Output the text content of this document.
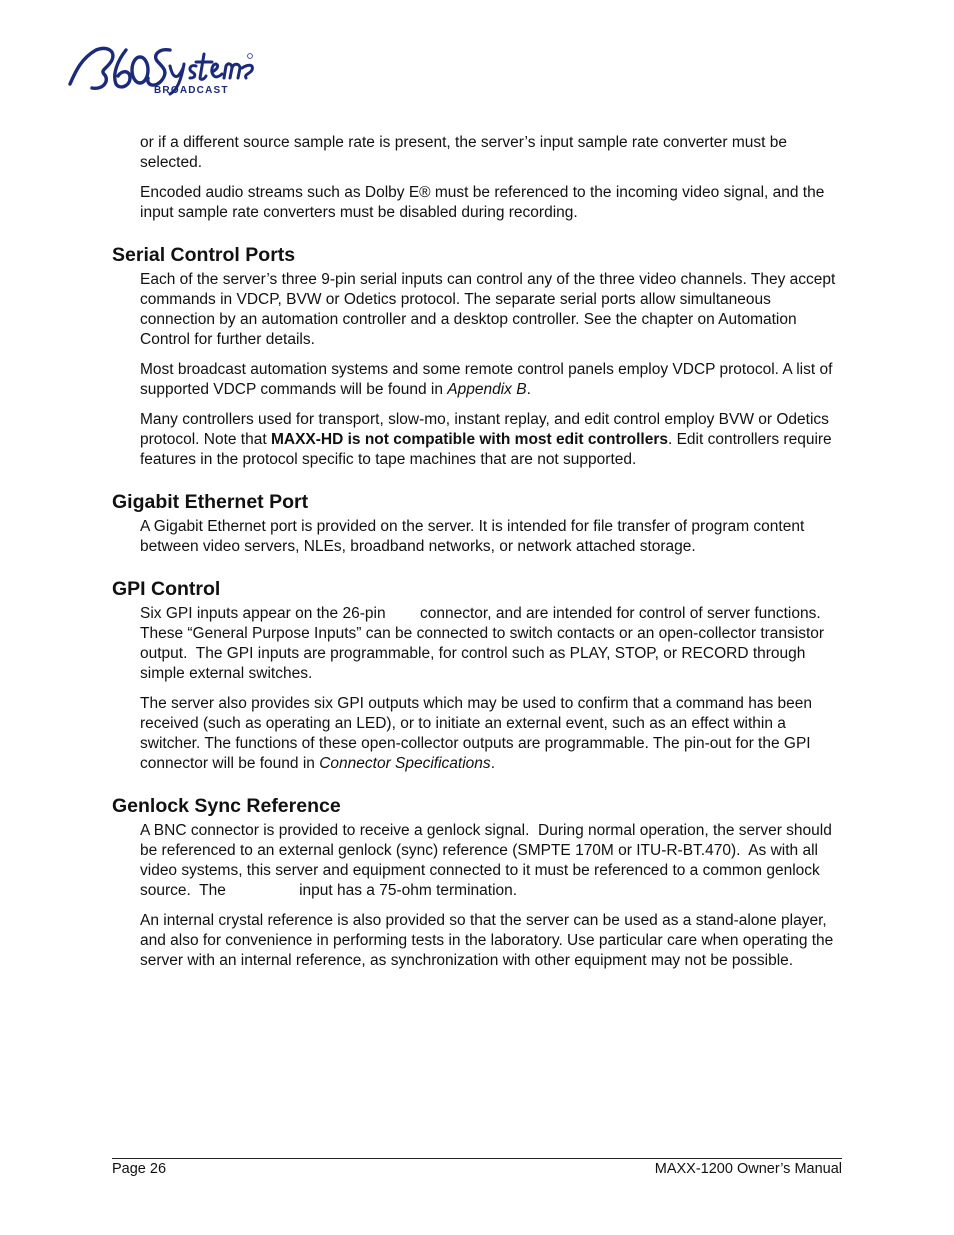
BROADCAST

or if a different source sample rate is present, the server’s input sample rate converter must be selected.

Encoded audio streams such as Dolby E® must be referenced to the incoming video signal, and the input sample rate converters must be disabled during recording.

Serial Control Ports

Each of the server’s three 9-pin serial inputs can control any of the three video channels. They accept commands in VDCP, BVW or Odetics protocol. The separate serial ports allow simultaneous connection by an automation controller and a desktop controller. See the chapter on Automation Control for further details.

Most broadcast automation systems and some remote control panels employ VDCP protocol. A list of supported VDCP commands will be found in Appendix B.

Many controllers used for transport, slow-mo, instant replay, and edit control employ BVW or Odetics protocol. Note that MAXX-HD is not compatible with most edit controllers. Edit controllers require features in the protocol specific to tape machines that are not supported.

Gigabit Ethernet Port

A Gigabit Ethernet port is provided on the server. It is intended for file transfer of program content between video servers, NLEs, broadband networks, or network attached storage.

GPI Control

Six GPI inputs appear on the 26-pin        connector, and are intended for control of server functions.  These “General Purpose Inputs” can be connected to switch contacts or an open-collector transistor output.  The GPI inputs are programmable, for control such as PLAY, STOP, or RECORD through simple external switches.

The server also provides six GPI outputs which may be used to confirm that a command has been received (such as operating an LED), or to initiate an external event, such as an effect within a switcher. The functions of these open-collector outputs are programmable. The pin-out for the GPI connector will be found in Connector Specifications.

Genlock Sync Reference

A BNC connector is provided to receive a genlock signal.  During normal operation, the server should be referenced to an external genlock (sync) reference (SMPTE 170M or ITU-R-BT.470).  As with all video systems, this server and equipment connected to it must be referenced to a common genlock source.  The                 input has a 75-ohm termination.

An internal crystal reference is also provided so that the server can be used as a stand-alone player, and also for convenience in performing tests in the laboratory. Use particular care when operating the server with an internal reference, as synchronization with other equipment may not be possible.

Page 26	MAXX-1200 Owner’s Manual
